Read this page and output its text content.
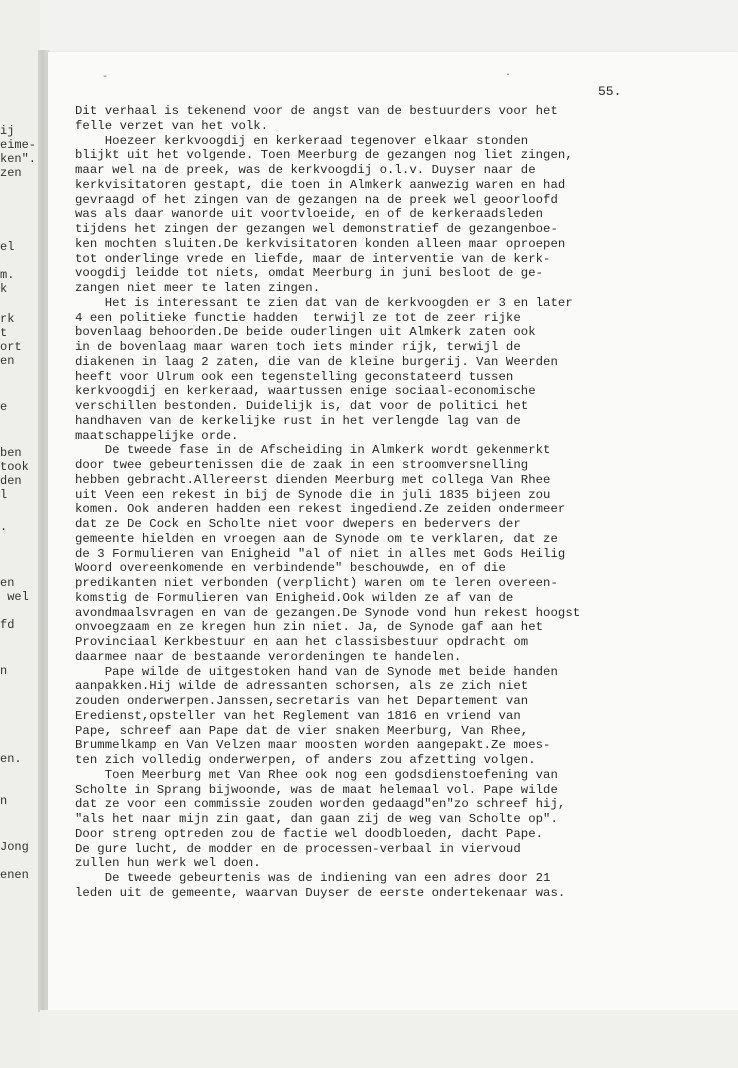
ij
eime-
ken".
zen
el
m.
k
rk
t
ort
en
e
ben
took
den
l
.
en
wel
fd
n
en.
n
Jong
enen
-	.
55.
Dit verhaal is tekenend voor de angst van de bestuurders voor het
felle verzet van het volk.
Hoezeer kerkvoogdij en kerkeraad tegenover elkaar stonden
blijkt uit het volgende. Toen Meerburg de gezangen nog liet zingen,
maar wel na de preek, was de kerkvoogdij o.l.v. Duyser naar de
kerkvisitatoren gestapt, die toen in Almkerk aanwezig waren en had
gevraagd of het zingen van de gezangen na de preek wel geoorloofd
was als daar wanorde uit voortvloeide, en of de kerkeraadsleden
tijdens het zingen der gezangen wel demonstratief de gezangenboe-
ken mochten sluiten.De kerkvisitatoren konden alleen maar oproepen
tot onderlinge vrede en liefde, maar de interventie van de kerk-
voogdij leidde tot niets, omdat Meerburg in juni besloot de ge-
zangen niet meer te laten zingen.
Het is interessant te zien dat van de kerkvoogden er 3 en later
4 een politieke functie hadden  terwijl ze tot de zeer rijke
bovenlaag behoorden.De beide ouderlingen uit Almkerk zaten ook
in de bovenlaag maar waren toch iets minder rijk, terwijl de
diakenen in laag 2 zaten, die van de kleine burgerij. Van Weerden
heeft voor Ulrum ook een tegenstelling geconstateerd tussen
kerkvoogdij en kerkeraad, waartussen enige sociaal-economische
verschillen bestonden. Duidelijk is, dat voor de politici het
handhaven van de kerkelijke rust in het verlengde lag van de
maatschappelijke orde.
De tweede fase in de Afscheiding in Almkerk wordt gekenmerkt
door twee gebeurtenissen die de zaak in een stroomversnelling
hebben gebracht.Allereerst dienden Meerburg met collega Van Rhee
uit Veen een rekest in bij de Synode die in juli 1835 bijeen zou
komen. Ook anderen hadden een rekest ingediend.Ze zeiden ondermeer
dat ze De Cock en Scholte niet voor dwepers en bedervers der
gemeente hielden en vroegen aan de Synode om te verklaren, dat ze
de 3 Formulieren van Enigheid "al of niet in alles met Gods Heilig
Woord overeenkomende en verbindende" beschouwde, en of die
predikanten niet verbonden (verplicht) waren om te leren overeen-
komstig de Formulieren van Enigheid.Ook wilden ze af van de
avondmaalsvragen en van de gezangen.De Synode vond hun rekest hoogst
onvoegzaam en ze kregen hun zin niet. Ja, de Synode gaf aan het
Provinciaal Kerkbestuur en aan het classisbestuur opdracht om
daarmee naar de bestaande verordeningen te handelen.
Pape wilde de uitgestoken hand van de Synode met beide handen
aanpakken.Hij wilde de adressanten schorsen, als ze zich niet
zouden onderwerpen.Janssen,secretaris van het Departement van
Eredienst,opsteller van het Reglement van 1816 en vriend van
Pape, schreef aan Pape dat de vier snaken Meerburg, Van Rhee,
Brummelkamp en Van Velzen maar moosten worden aangepakt.Ze moes-
ten zich volledig onderwerpen, of anders zou afzetting volgen.
Toen Meerburg met Van Rhee ook nog een godsdienstoefening van
Scholte in Sprang bijwoonde, was de maat helemaal vol. Pape wilde
dat ze voor een commissie zouden worden gedaagd"en"zo schreef hij,
"als het naar mijn zin gaat, dan gaan zij de weg van Scholte op".
Door streng optreden zou de factie wel doodbloeden, dacht Pape.
De gure lucht, de modder en de processen-verbaal in viervoud
zullen hun werk wel doen.
De tweede gebeurtenis was de indiening van een adres door 21
leden uit de gemeente, waarvan Duyser de eerste ondertekenaar was.
